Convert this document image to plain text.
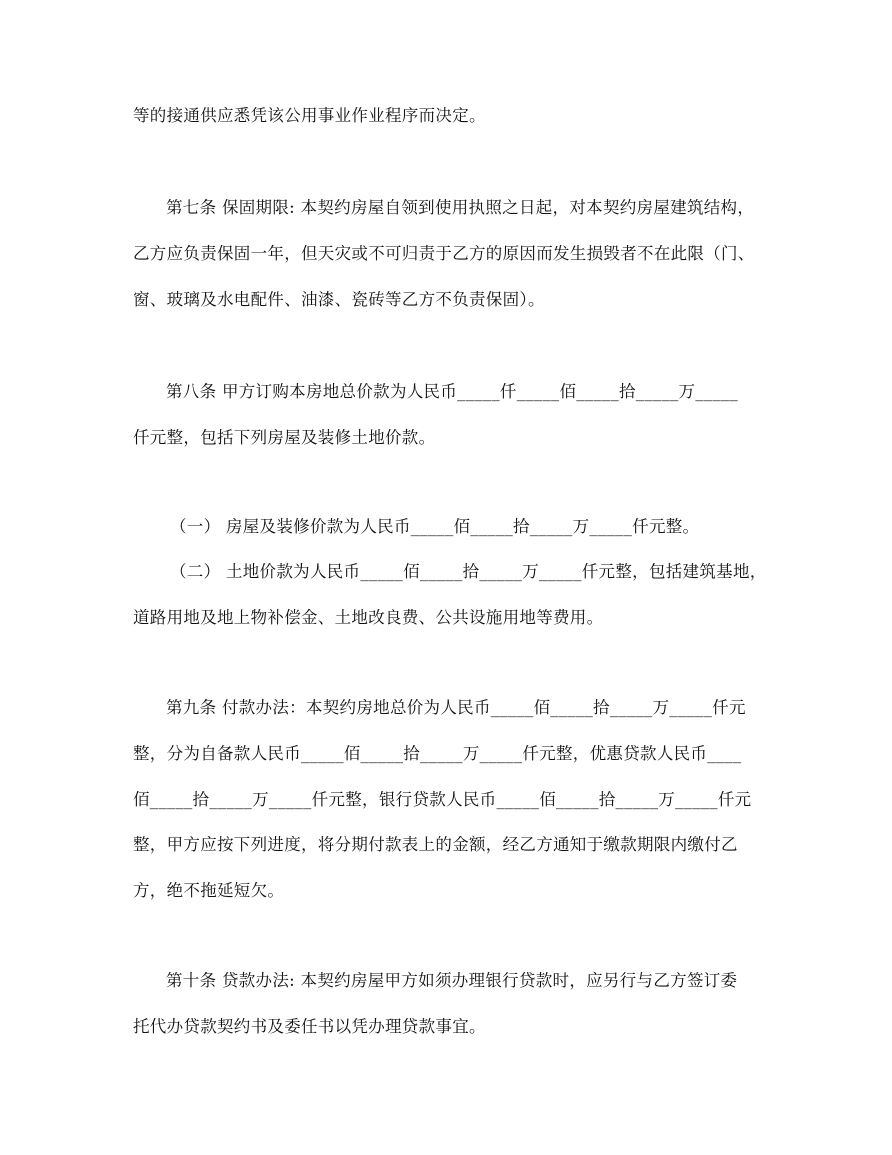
等的接通供应悉凭该公用事业作业程序而决定。
第七条 保固期限: 本契约房屋自领到使用执照之日起，对本契约房屋建筑结构，
乙方应负责保固一年，但天灾或不可归责于乙方的原因而发生损毁者不在此限（门、
窗、玻璃及水电配件、油漆、瓷砖等乙方不负责保固）。
第八条 甲方订购本房地总价款为人民币_____仟_____佰_____拾_____万_____
仟元整，包括下列房屋及装修土地价款。
（一） 房屋及装修价款为人民币_____佰_____拾_____万_____仟元整。
（二） 土地价款为人民币_____佰_____拾_____万_____仟元整，包括建筑基地，
道路用地及地上物补偿金、土地改良费、公共设施用地等费用。
第九条 付款办法：本契约房地总价为人民币_____佰_____拾_____万_____仟元
整，分为自备款人民币_____佰_____拾_____万_____仟元整，优惠贷款人民币____
佰_____拾_____万_____仟元整，银行贷款人民币_____佰_____拾_____万_____仟元
整，甲方应按下列进度，将分期付款表上的金额，经乙方通知于缴款期限内缴付乙
方，绝不拖延短欠。
第十条 贷款办法: 本契约房屋甲方如须办理银行贷款时，应另行与乙方签订委
托代办贷款契约书及委任书以凭办理贷款事宜。
